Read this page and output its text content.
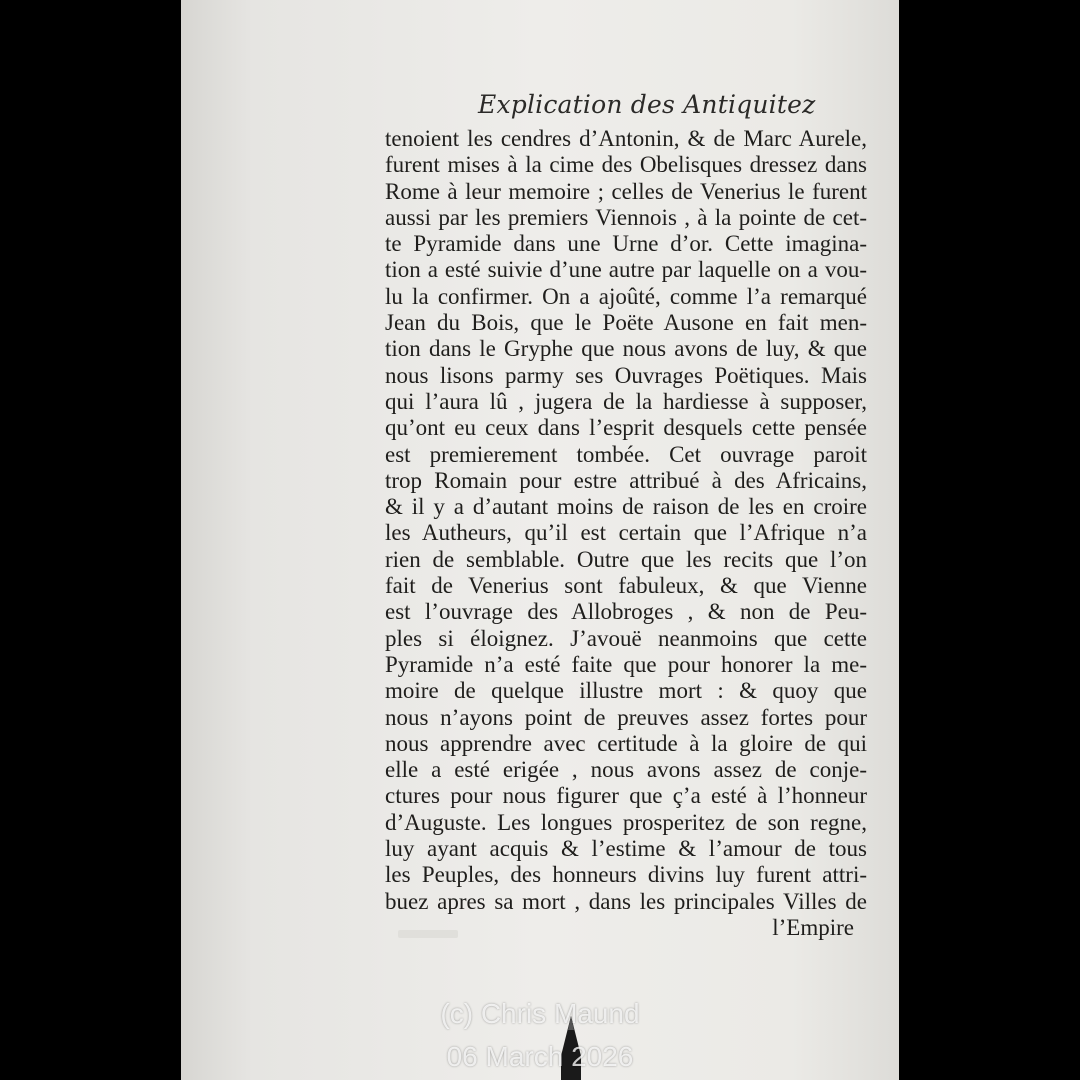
Explication des Antiquitez
tenoient les cendres d’Antonin, & de Marc Aurele,
furent mises à la cime des Obelisques dressez dans
Rome à leur memoire ; celles de Venerius le furent
aussi par les premiers Viennois , à la pointe de cet-
te Pyramide dans une Urne d’or. Cette imagina-
tion a esté suivie d’une autre par laquelle on a vou-
lu la confirmer. On a ajoûté, comme l’a remarqué
Jean du Bois, que le Poëte Ausone en fait men-
tion dans le Gryphe que nous avons de luy, & que
nous lisons parmy ses Ouvrages Poëtiques. Mais
qui l’aura lû , jugera de la hardiesse à supposer,
qu’ont eu ceux dans l’esprit desquels cette pensée
est premierement tombée. Cet ouvrage paroit
trop Romain pour estre attribué à des Africains,
& il y a d’autant moins de raison de les en croire
les Autheurs, qu’il est certain que l’Afrique n’a
rien de semblable. Outre que les recits que l’on
fait de Venerius sont fabuleux, & que Vienne
est l’ouvrage des Allobroges , & non de Peu-
ples si éloignez. J’avouë neanmoins que cette
Pyramide n’a esté faite que pour honorer la me-
moire de quelque illustre mort : & quoy que
nous n’ayons point de preuves assez fortes pour
nous apprendre avec certitude à la gloire de qui
elle a esté erigée , nous avons assez de conje-
ctures pour nous figurer que ç’a esté à l’honneur
d’Auguste. Les longues prosperitez de son regne,
luy ayant acquis & l’estime & l’amour de tous
les Peuples, des honneurs divins luy furent attri-
buez apres sa mort , dans les principales Villes de
l’Empire
(c) Chris Maund
06 March 2026
